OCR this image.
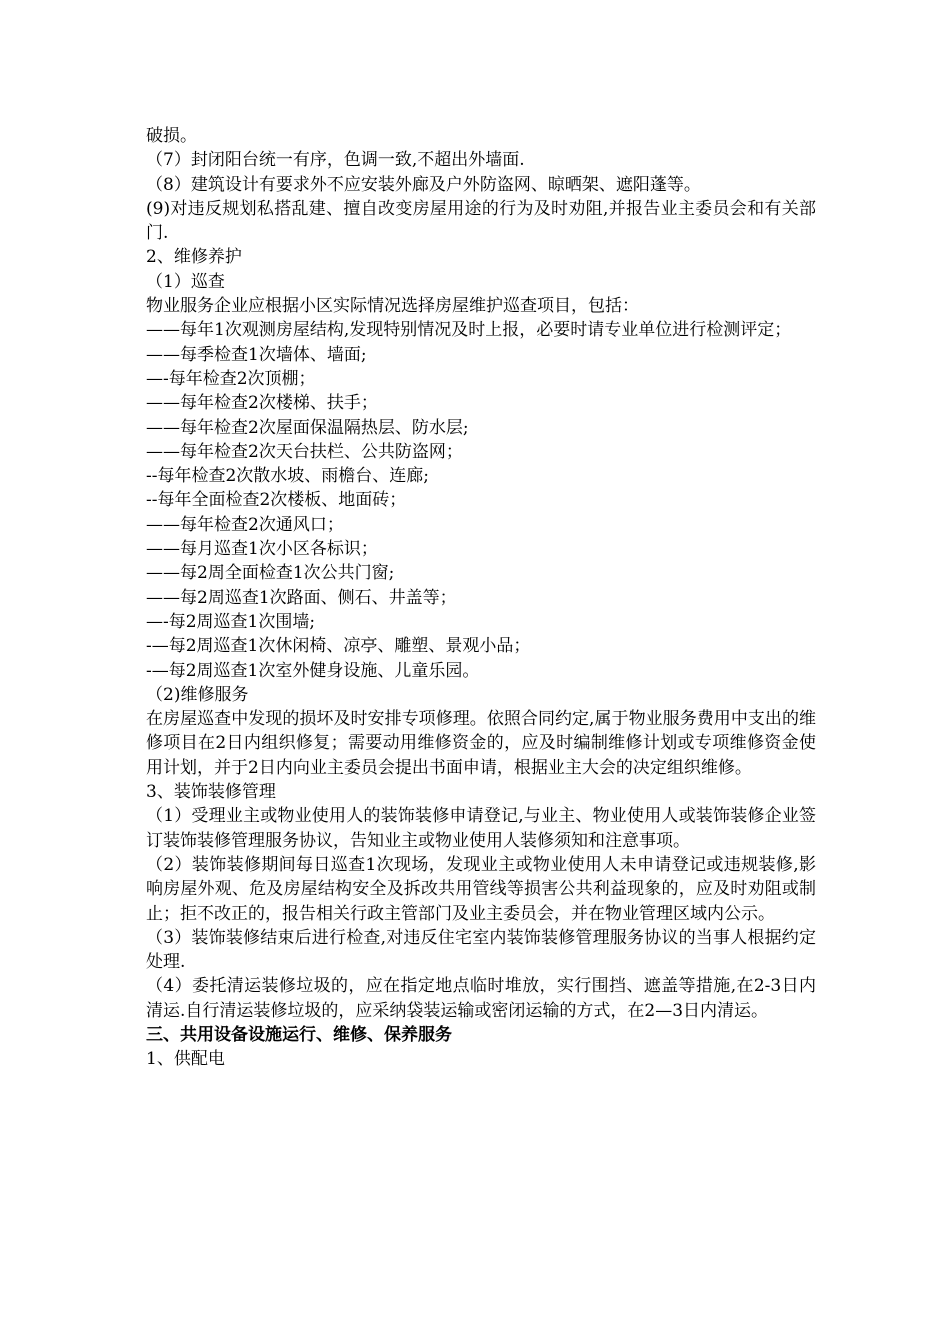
破损。

（7）封闭阳台统一有序，色调一致,不超出外墙面.

（8）建筑设计有要求外不应安装外廊及户外防盗网、晾晒架、遮阳蓬等。

(9)对违反规划私搭乱建、擅自改变房屋用途的行为及时劝阻,并报告业主委员会和有关部门.

2、维修养护

（1）巡查

物业服务企业应根据小区实际情况选择房屋维护巡查项目，包括：

——每年1次观测房屋结构,发现特别情况及时上报，必要时请专业单位进行检测评定；

——每季检查1次墙体、墙面;

—-每年检查2次顶棚；

——每年检查2次楼梯、扶手；

——每年检查2次屋面保温隔热层、防水层;

——每年检查2次天台扶栏、公共防盗网；

--每年检查2次散水坡、雨檐台、连廊;

--每年全面检查2次楼板、地面砖；

——每年检查2次通风口；

——每月巡查1次小区各标识；

——每2周全面检查1次公共门窗;

——每2周巡查1次路面、侧石、井盖等；

—-每2周巡查1次围墙;

-—每2周巡查1次休闲椅、凉亭、雕塑、景观小品；

-—每2周巡查1次室外健身设施、儿童乐园。

（2)维修服务

在房屋巡查中发现的损坏及时安排专项修理。依照合同约定,属于物业服务费用中支出的维修项目在2日内组织修复；需要动用维修资金的，应及时编制维修计划或专项维修资金使用计划，并于2日内向业主委员会提出书面申请，根据业主大会的决定组织维修。

3、装饰装修管理

（1）受理业主或物业使用人的装饰装修申请登记,与业主、物业使用人或装饰装修企业签订装饰装修管理服务协议，告知业主或物业使用人装修须知和注意事项。

（2）装饰装修期间每日巡查1次现场，发现业主或物业使用人未申请登记或违规装修,影响房屋外观、危及房屋结构安全及拆改共用管线等损害公共利益现象的，应及时劝阻或制止；拒不改正的，报告相关行政主管部门及业主委员会，并在物业管理区域内公示。

（3）装饰装修结束后进行检查,对违反住宅室内装饰装修管理服务协议的当事人根据约定处理.

（4）委托清运装修垃圾的，应在指定地点临时堆放，实行围挡、遮盖等措施,在2-3日内清运.自行清运装修垃圾的，应采纳袋装运输或密闭运输的方式，在2—3日内清运。

三、共用设备设施运行、维修、保养服务

1、供配电
